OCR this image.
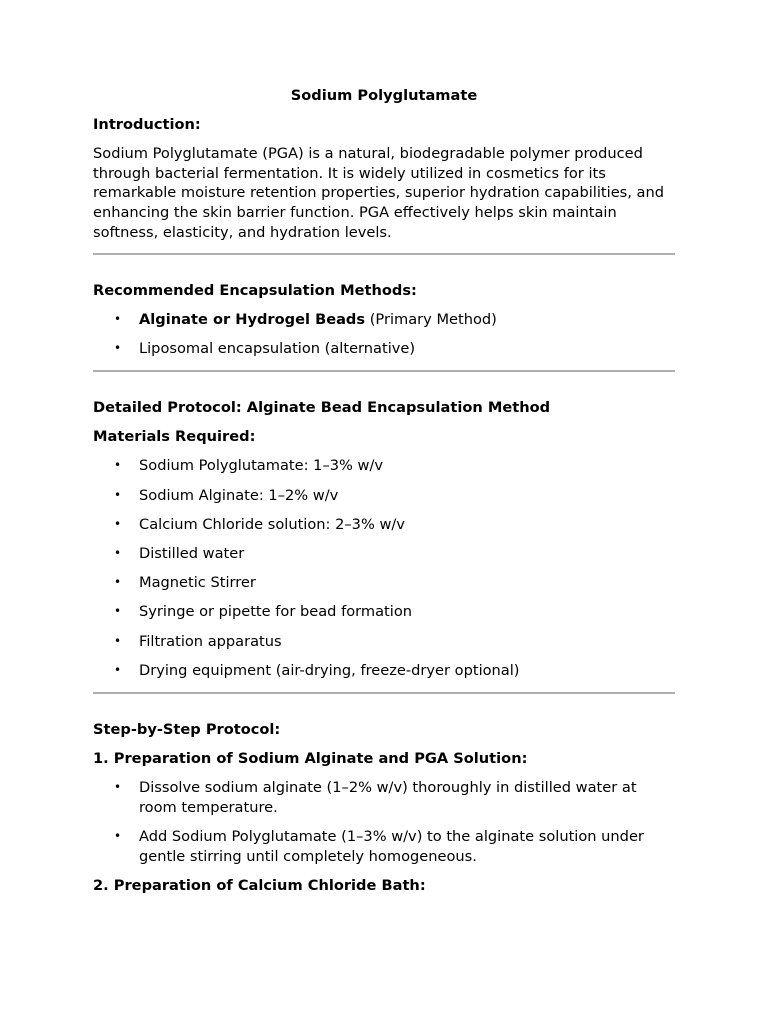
Sodium Polyglutamate

Introduction:

Sodium Polyglutamate (PGA) is a natural, biodegradable polymer produced through bacterial fermentation. It is widely utilized in cosmetics for its remarkable moisture retention properties, superior hydration capabilities, and enhancing the skin barrier function. PGA effectively helps skin maintain softness, elasticity, and hydration levels.

Recommended Encapsulation Methods:

• Alginate or Hydrogel Beads (Primary Method)
• Liposomal encapsulation (alternative)

Detailed Protocol: Alginate Bead Encapsulation Method

Materials Required:

• Sodium Polyglutamate: 1–3% w/v
• Sodium Alginate: 1–2% w/v
• Calcium Chloride solution: 2–3% w/v
• Distilled water
• Magnetic Stirrer
• Syringe or pipette for bead formation
• Filtration apparatus
• Drying equipment (air-drying, freeze-dryer optional)

Step-by-Step Protocol:

1. Preparation of Sodium Alginate and PGA Solution:

• Dissolve sodium alginate (1–2% w/v) thoroughly in distilled water at room temperature.
• Add Sodium Polyglutamate (1–3% w/v) to the alginate solution under gentle stirring until completely homogeneous.

2. Preparation of Calcium Chloride Bath:
